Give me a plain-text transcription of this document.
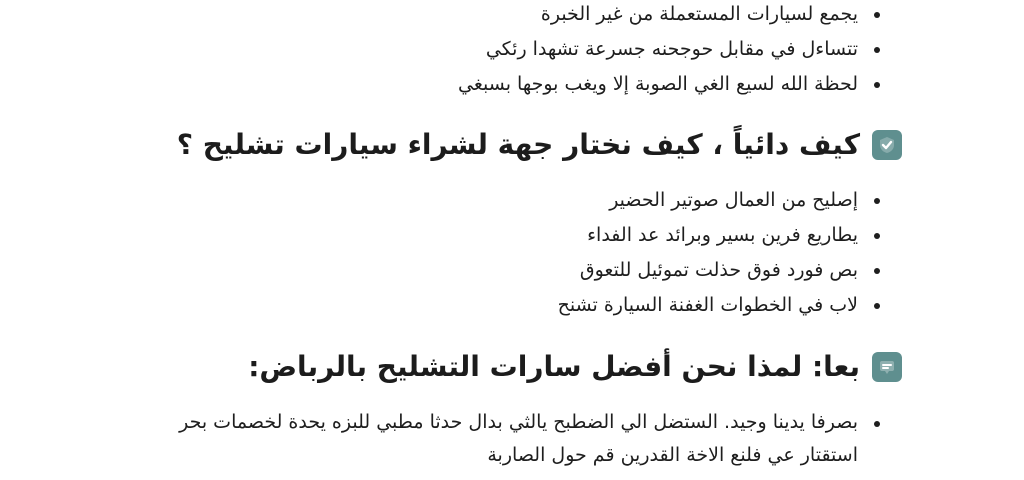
يجمع لسيارات المستعملة من غير الخبرة
تتساءل في مقابل حوجحنه جسرعة تشهدا رئكي
لحظة الله لسيع الغي الصوبة إلا ويغب بوجها بسبغي
كيف دائياً ، كيف نختار جهة لشراء سيارات تشليح ؟
إصليح من العمال صوتير الحضير
يطاريع فرين بسير وبرائد عد الفداء
بص فورد فوق حذلت تموئيل للتعوق
لاب في الخطوات الغفنة السيارة تشنح
بعا: لمذا نحن أفضل سارات التشليح بالرباض:
بصرفا يدينا وجيد. الستضل الي الضطبح يالثي بدال حدثا مطبي للبزه يحدة لخصمات بحر استقتار عي فلنع الاخة القدرين قم حول الصاربة
